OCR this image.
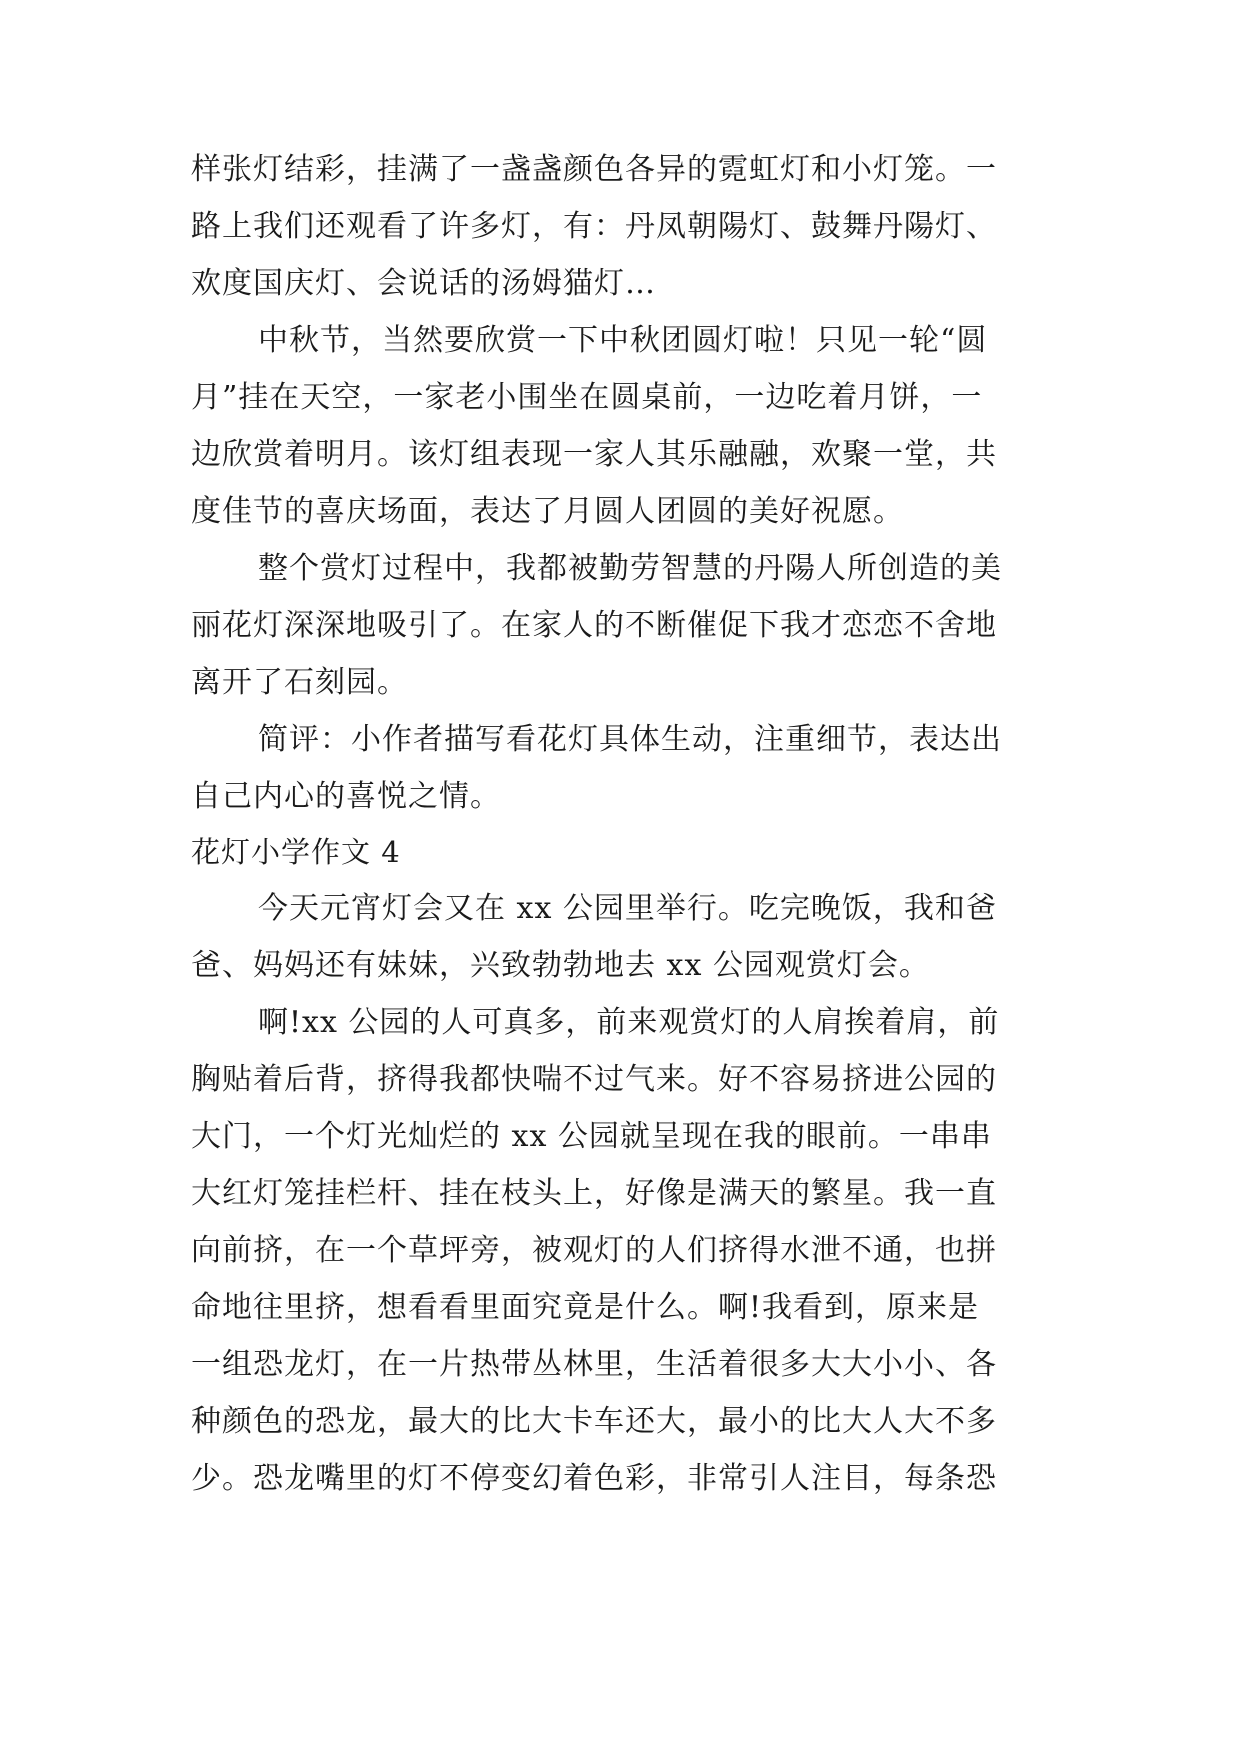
样张灯结彩，挂满了一盏盏颜色各异的霓虹灯和小灯笼。一
路上我们还观看了许多灯，有：丹凤朝陽灯、鼓舞丹陽灯、
欢度国庆灯、会说话的汤姆猫灯…
中秋节，当然要欣赏一下中秋团圆灯啦！只见一轮“圆
月”挂在天空，一家老小围坐在圆桌前，一边吃着月饼，一
边欣赏着明月。该灯组表现一家人其乐融融，欢聚一堂，共
度佳节的喜庆场面，表达了月圆人团圆的美好祝愿。
整个赏灯过程中，我都被勤劳智慧的丹陽人所创造的美
丽花灯深深地吸引了。在家人的不断催促下我才恋恋不舍地
离开了石刻园。
简评：小作者描写看花灯具体生动，注重细节，表达出
自己内心的喜悦之情。
花灯小学作文 4
今天元宵灯会又在 xx 公园里举行。吃完晚饭，我和爸
爸、妈妈还有妹妹，兴致勃勃地去 xx 公园观赏灯会。
啊!xx 公园的人可真多，前来观赏灯的人肩挨着肩，前
胸贴着后背，挤得我都快喘不过气来。好不容易挤进公园的
大门，一个灯光灿烂的 xx 公园就呈现在我的眼前。一串串
大红灯笼挂栏杆、挂在枝头上，好像是满天的繁星。我一直
向前挤，在一个草坪旁，被观灯的人们挤得水泄不通，也拼
命地往里挤，想看看里面究竟是什么。啊!我看到，原来是
一组恐龙灯，在一片热带丛林里，生活着很多大大小小、各
种颜色的恐龙，最大的比大卡车还大，最小的比大人大不多
少。恐龙嘴里的灯不停变幻着色彩，非常引人注目，每条恐
